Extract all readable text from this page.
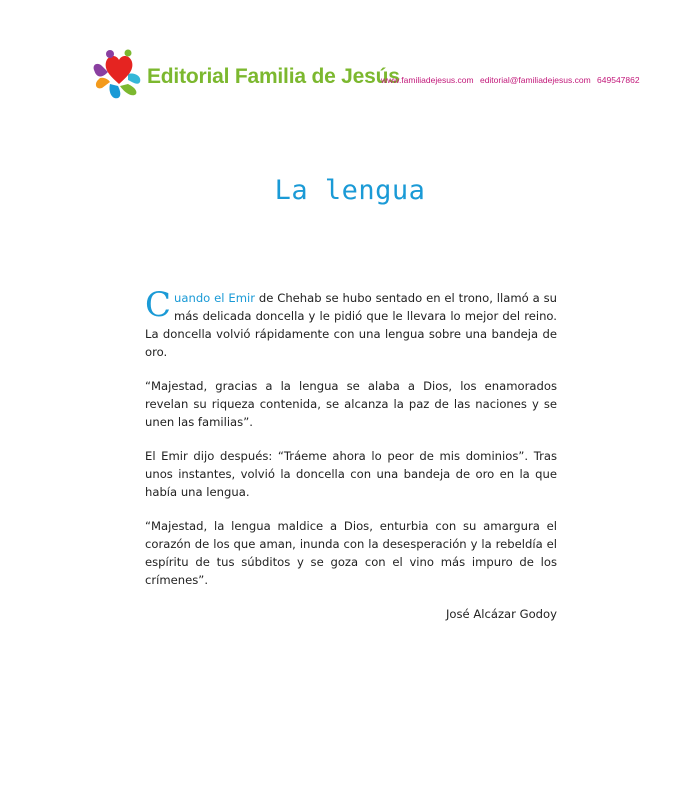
Editorial Familia de Jesús
www.familiadejesus.com editorial@familiadejesus.com 649547862
La lengua

Cuando el Emir de Chehab se hubo sentado en el trono, llamó a su más delicada doncella y le pidió que le llevara lo mejor del reino. La doncella volvió rápidamente con una lengua sobre una bandeja de oro.

“Majestad, gracias a la lengua se alaba a Dios, los enamorados revelan su riqueza contenida, se alcanza la paz de las naciones y se unen las familias”.

El Emir dijo después: “Tráeme ahora lo peor de mis dominios”. Tras unos instantes, volvió la doncella con una bandeja de oro en la que había una lengua.

“Majestad, la lengua maldice a Dios, enturbia con su amargura el corazón de los que aman, inunda con la desesperación y la rebeldía el espíritu de tus súbditos y se goza con el vino más impuro de los crímenes”.

José Alcázar Godoy
